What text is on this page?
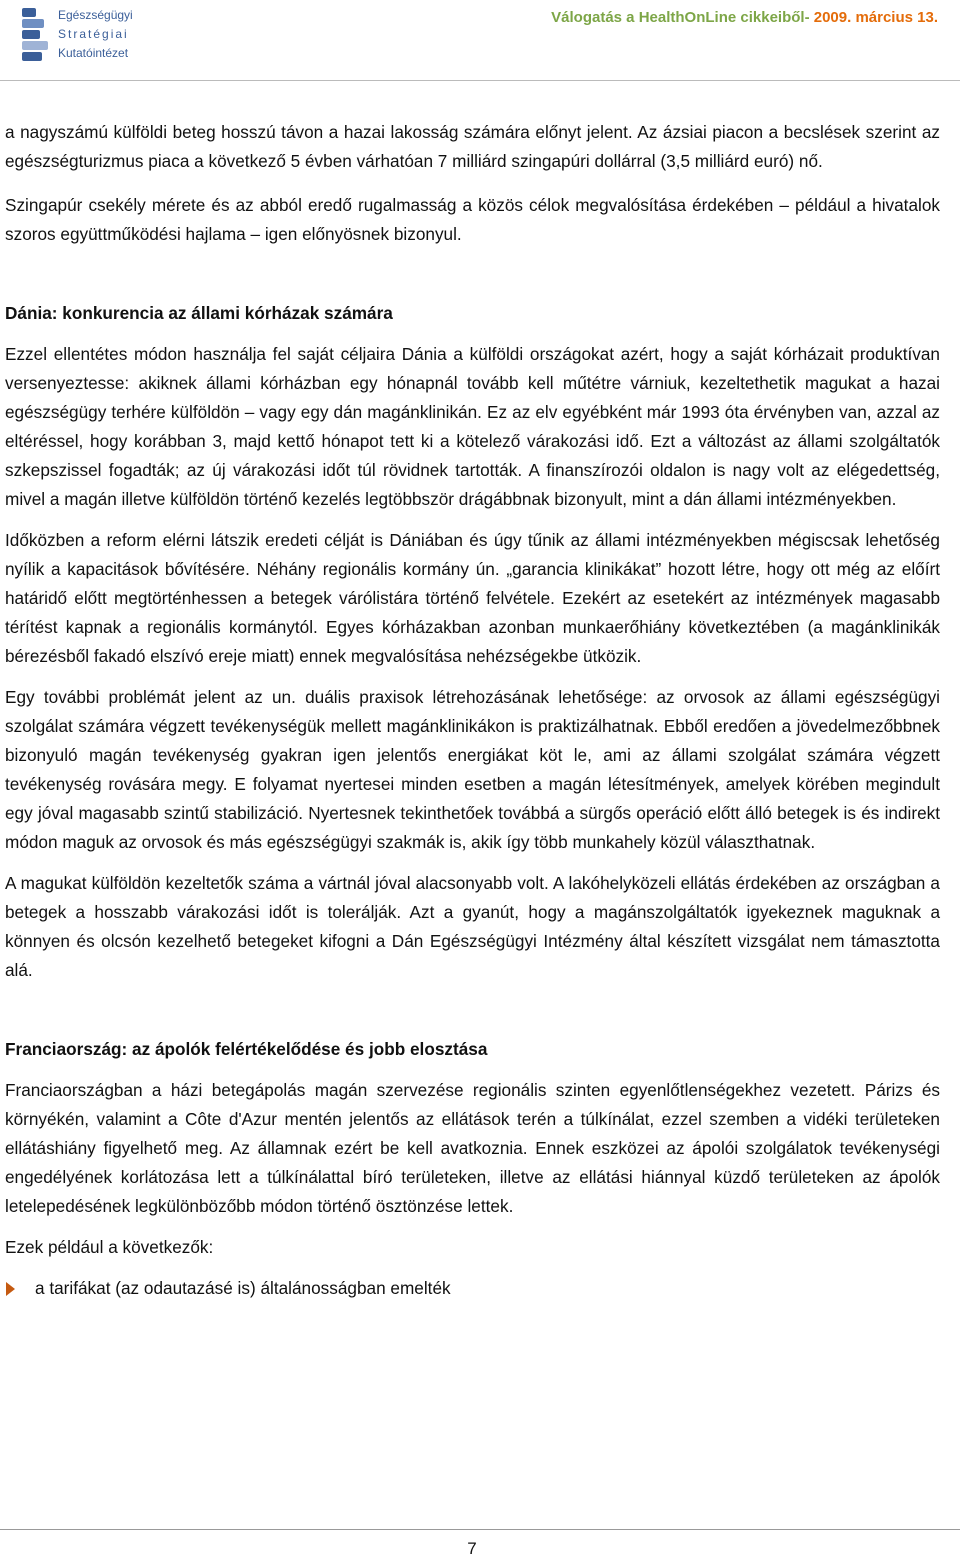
Egészségügyi
Stratégiai
Kutatóintézet
Válogatás a HealthOnLine cikkeiből- 2009. március 13.

a nagyszámú külföldi beteg hosszú távon a hazai lakosság számára előnyt jelent. Az ázsiai piacon a becslések szerint az egészségturizmus piaca a következő 5 évben várhatóan 7 milliárd szingapúri dollárral (3,5 milliárd euró) nő.

Szingapúr csekély mérete és az abból eredő rugalmasság a közös célok megvalósítása érdekében – például a hivatalok szoros együttműködési hajlama – igen előnyösnek bizonyul.

Dánia: konkurencia az állami kórházak számára

Ezzel ellentétes módon használja fel saját céljaira Dánia a külföldi országokat azért, hogy a saját kórházait produktívan versenyeztesse: akiknek állami kórházban egy hónapnál tovább kell műtétre várniuk, kezeltethetik magukat a hazai egészségügy terhére külföldön – vagy egy dán magánklinikán. Ez az elv egyébként már 1993 óta érvényben van, azzal az eltéréssel, hogy korábban 3, majd kettő hónapot tett ki a kötelező várakozási idő. Ezt a változást az állami szolgáltatók szkepszissel fogadták; az új várakozási időt túl rövidnek tartották. A finanszírozói oldalon is nagy volt az elégedettség, mivel a magán illetve külföldön történő kezelés legtöbbször drágábbnak bizonyult, mint a dán állami intézményekben.

Időközben a reform elérni látszik eredeti célját is Dániában és úgy tűnik az állami intézményekben mégiscsak lehetőség nyílik a kapacitások bővítésére. Néhány regionális kormány ún. „garancia klinikákat” hozott létre, hogy ott még az előírt határidő előtt megtörténhessen a betegek várólistára történő felvétele. Ezekért az esetekért az intézmények magasabb térítést kapnak a regionális kormánytól. Egyes kórházakban azonban munkaerőhiány következtében (a magánklinikák bérezésből fakadó elszívó ereje miatt) ennek megvalósítása nehézségekbe ütközik.

Egy további problémát jelent az un. duális praxisok létrehozásának lehetősége: az orvosok az állami egészségügyi szolgálat számára végzett tevékenységük mellett magánklinikákon is praktizálhatnak. Ebből eredően a jövedelmezőbbnek bizonyuló magán tevékenység gyakran igen jelentős energiákat köt le, ami az állami szolgálat számára végzett tevékenység rovására megy. E folyamat nyertesei minden esetben a magán létesítmények, amelyek körében megindult egy jóval magasabb szintű stabilizáció. Nyertesnek tekinthetőek továbbá a sürgős operáció előtt álló betegek is és indirekt módon maguk az orvosok és más egészségügyi szakmák is, akik így több munkahely közül választhatnak.

A magukat külföldön kezeltetők száma a vártnál jóval alacsonyabb volt. A lakóhelyközeli ellátás érdekében az országban a betegek a hosszabb várakozási időt is tolerálják. Azt a gyanút, hogy a magánszolgáltatók igyekeznek maguknak a könnyen és olcsón kezelhető betegeket kifogni a Dán Egészségügyi Intézmény által készített vizsgálat nem támasztotta alá.

Franciaország: az ápolók felértékelődése és jobb elosztása

Franciaországban a házi betegápolás magán szervezése regionális szinten egyenlőtlenségekhez vezetett. Párizs és környékén, valamint a Côte d'Azur mentén jelentős az ellátások terén a túlkínálat, ezzel szemben a vidéki területeken ellátáshiány figyelhető meg. Az államnak ezért be kell avatkoznia. Ennek eszközei az ápolói szolgálatok tevékenységi engedélyének korlátozása lett a túlkínálattal bíró területeken, illetve az ellátási hiánnyal küzdő területeken az ápolók letelepedésének legkülönbözőbb módon történő ösztönzése lettek.

Ezek például a következők:

a tarifákat (az odautazásé is) általánosságban emelték

7
